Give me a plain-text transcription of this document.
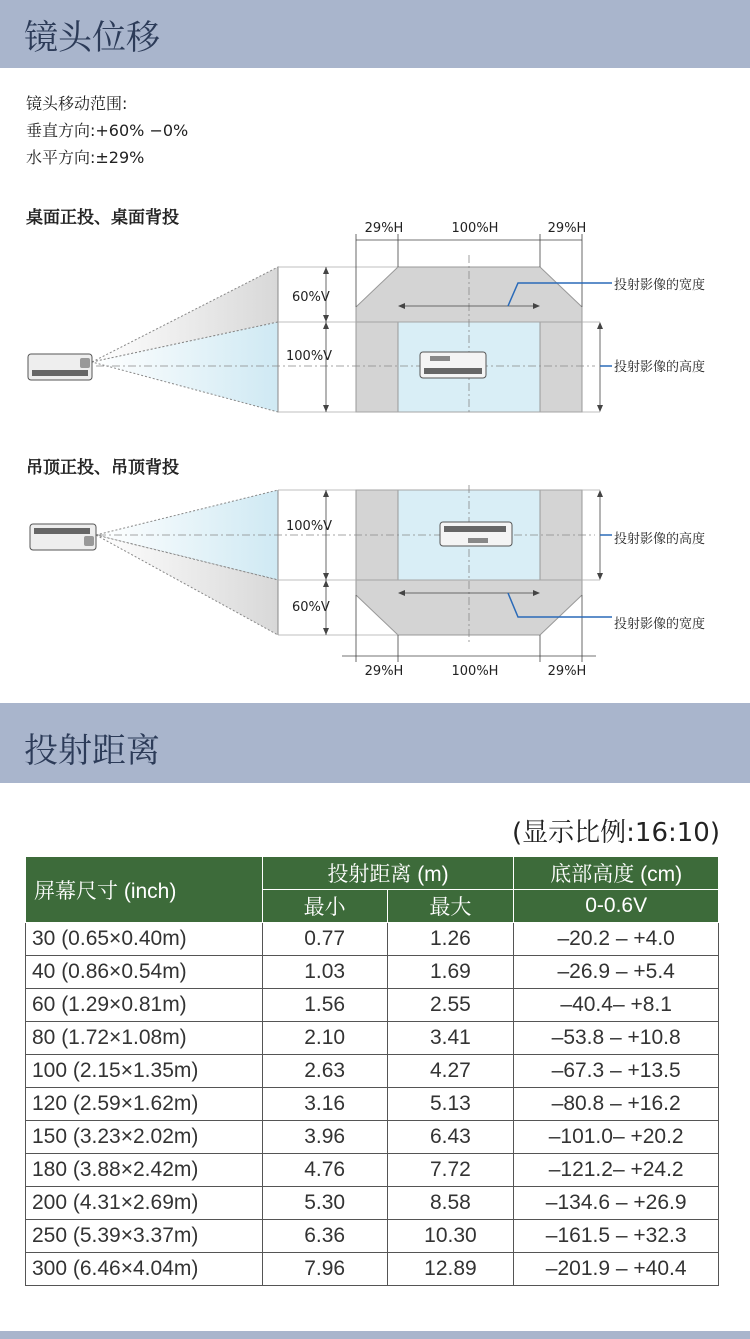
镜头位移
镜头移动范围:
垂直方向:+60% −0%
水平方向:±29%
桌面正投、桌面背投
29%H	100%H	29%H
投射影像的宽度
投射影像的高度
60%V
100%V
吊顶正投、吊顶背投
29%H	100%H	29%H
投射影像的宽度
投射影像的高度
100%V
60%V
投射距离
(显示比例:16:10)
屏幕尺寸 (inch)	投射距离 (m)		底部高度 (cm)
	最小	最大	0-0.6V
30 (0.65×0.40m)	0.77	1.26	–20.2 – +4.0
40 (0.86×0.54m)	1.03	1.69	–26.9 – +5.4
60 (1.29×0.81m)	1.56	2.55	–40.4– +8.1
80 (1.72×1.08m)	2.10	3.41	–53.8 – +10.8
100 (2.15×1.35m)	2.63	4.27	–67.3 – +13.5
120 (2.59×1.62m)	3.16	5.13	–80.8 – +16.2
150 (3.23×2.02m)	3.96	6.43	–101.0– +20.2
180 (3.88×2.42m)	4.76	7.72	–121.2– +24.2
200 (4.31×2.69m)	5.30	8.58	–134.6 – +26.9
250 (5.39×3.37m)	6.36	10.30	–161.5 – +32.3
300 (6.46×4.04m)	7.96	12.89	–201.9 – +40.4
